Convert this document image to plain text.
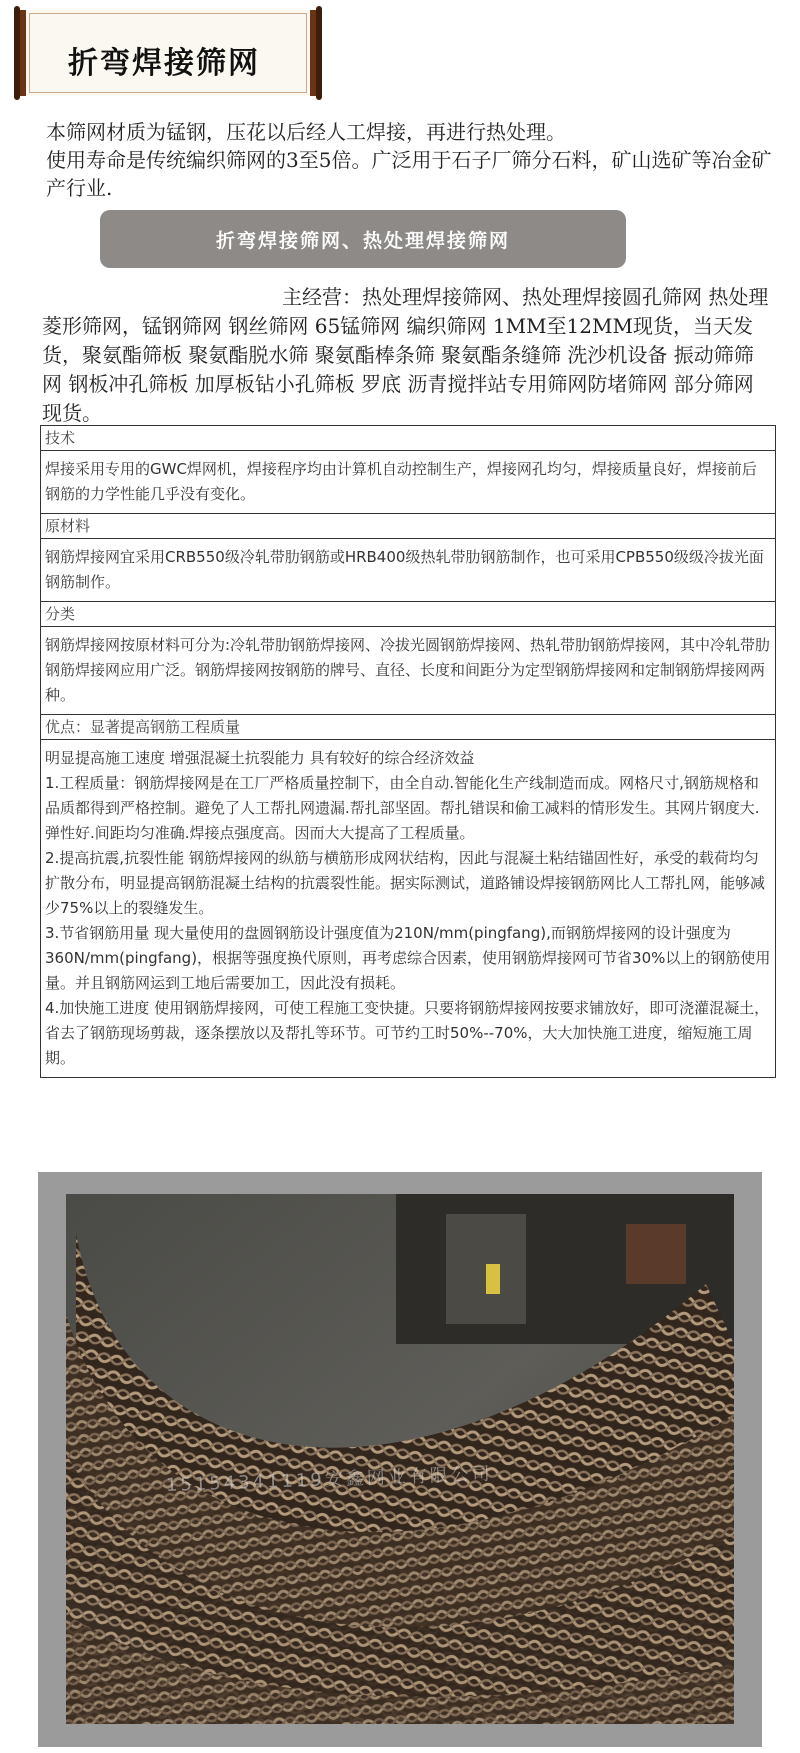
折弯焊接筛网

本筛网材质为锰钢，压花以后经人工焊接，再进行热处理。

使用寿命是传统编织筛网的3至5倍。广泛用于石子厂筛分石料，矿山选矿等冶金矿产行业.

折弯焊接筛网、热处理焊接筛网
主经营：热处理焊接筛网、热处理焊接圆孔筛网 热处理菱形筛网，锰钢筛网 钢丝筛网 65锰筛网 编织筛网 1MM至12MM现货，当天发货，聚氨酯筛板 聚氨酯脱水筛 聚氨酯棒条筛 聚氨酯条缝筛 洗沙机设备 振动筛筛网 钢板冲孔筛板 加厚板钻小孔筛板 罗底 沥青搅拌站专用筛网防堵筛网 部分筛网现货。
技术

焊接采用专用的GWC焊网机，焊接程序均由计算机自动控制生产，焊接网孔均匀，焊接质量良好，焊接前后钢筋的力学性能几乎没有变化。

原材料

钢筋焊接网宜采用CRB550级冷轧带肋钢筋或HRB400级热轧带肋钢筋制作，也可采用CPB550级级冷拔光面钢筋制作。

分类

钢筋焊接网按原材料可分为:冷轧带肋钢筋焊接网、冷拔光圆钢筋焊接网、热轧带肋钢筋焊接网，其中冷轧带肋钢筋焊接网应用广泛。钢筋焊接网按钢筋的牌号、直径、长度和间距分为定型钢筋焊接网和定制钢筋焊接网两种。

优点：显著提高钢筋工程质量

明显提高施工速度 增强混凝土抗裂能力 具有较好的综合经济效益

1.工程质量：钢筋焊接网是在工厂严格质量控制下，由全自动.智能化生产线制造而成。网格尺寸,钢筋规格和品质都得到严格控制。避免了人工帮扎网遗漏.帮扎部坚固。帮扎错误和偷工减料的情形发生。其网片钢度大.弹性好.间距均匀准确.焊接点强度高。因而大大提高了工程质量。

2.提高抗震,抗裂性能 钢筋焊接网的纵筋与横筋形成网状结构，因此与混凝土粘结锚固性好，承受的载荷均匀扩散分布，明显提高钢筋混凝土结构的抗震裂性能。据实际测试，道路铺设焊接钢筋网比人工帮扎网，能够减少75%以上的裂缝发生。

3.节省钢筋用量 现大量使用的盘圆钢筋设计强度值为210N/mm(pingfang),而钢筋焊接网的设计强度为360N/mm(pingfang)，根据等强度换代原则，再考虑综合因素，使用钢筋焊接网可节省30%以上的钢筋使用量。并且钢筋网运到工地后需要加工，因此没有损耗。

4.加快施工进度 使用钢筋焊接网，可使工程施工变快捷。只要将钢筋焊接网按要求铺放好，即可浇灌混凝土，省去了钢筋现场剪裁，逐条摆放以及帮扎等环节。可节约工时50%--70%，大大加快施工进度，缩短施工周期。

15154341119安鑫网业有限公司
